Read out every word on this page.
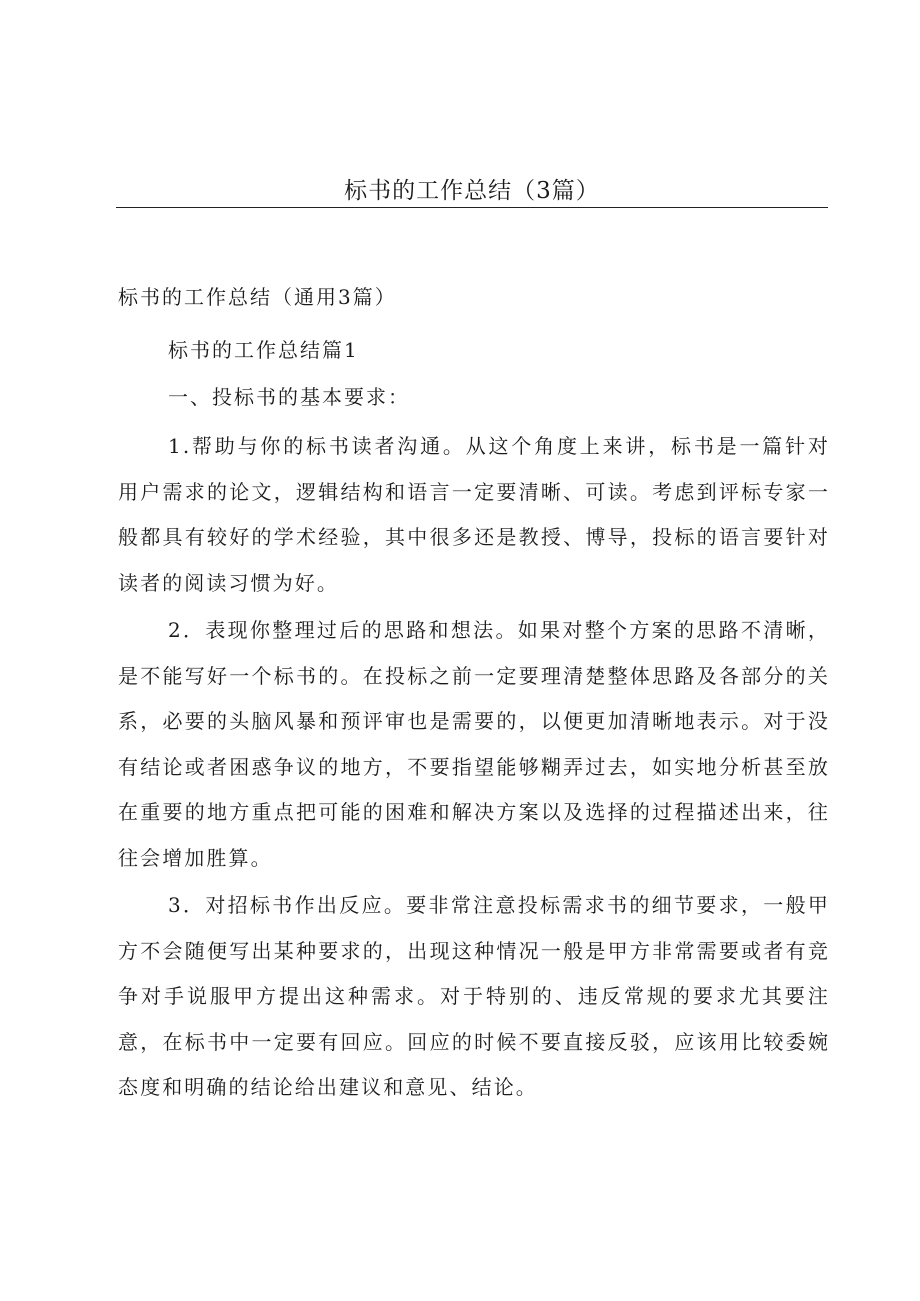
标书的工作总结（3篇）

标书的工作总结（通用3篇）

标书的工作总结篇1

一、投标书的基本要求：

1.帮助与你的标书读者沟通。从这个角度上来讲，标书是一篇针对用户需求的论文，逻辑结构和语言一定要清晰、可读。考虑到评标专家一般都具有较好的学术经验，其中很多还是教授、博导，投标的语言要针对读者的阅读习惯为好。

2．表现你整理过后的思路和想法。如果对整个方案的思路不清晰，是不能写好一个标书的。在投标之前一定要理清楚整体思路及各部分的关系，必要的头脑风暴和预评审也是需要的，以便更加清晰地表示。对于没有结论或者困惑争议的地方，不要指望能够糊弄过去，如实地分析甚至放在重要的地方重点把可能的困难和解决方案以及选择的过程描述出来，往往会增加胜算。

3．对招标书作出反应。要非常注意投标需求书的细节要求，一般甲方不会随便写出某种要求的，出现这种情况一般是甲方非常需要或者有竞争对手说服甲方提出这种需求。对于特别的、违反常规的要求尤其要注意，在标书中一定要有回应。回应的时候不要直接反驳，应该用比较委婉态度和明确的结论给出建议和意见、结论。
